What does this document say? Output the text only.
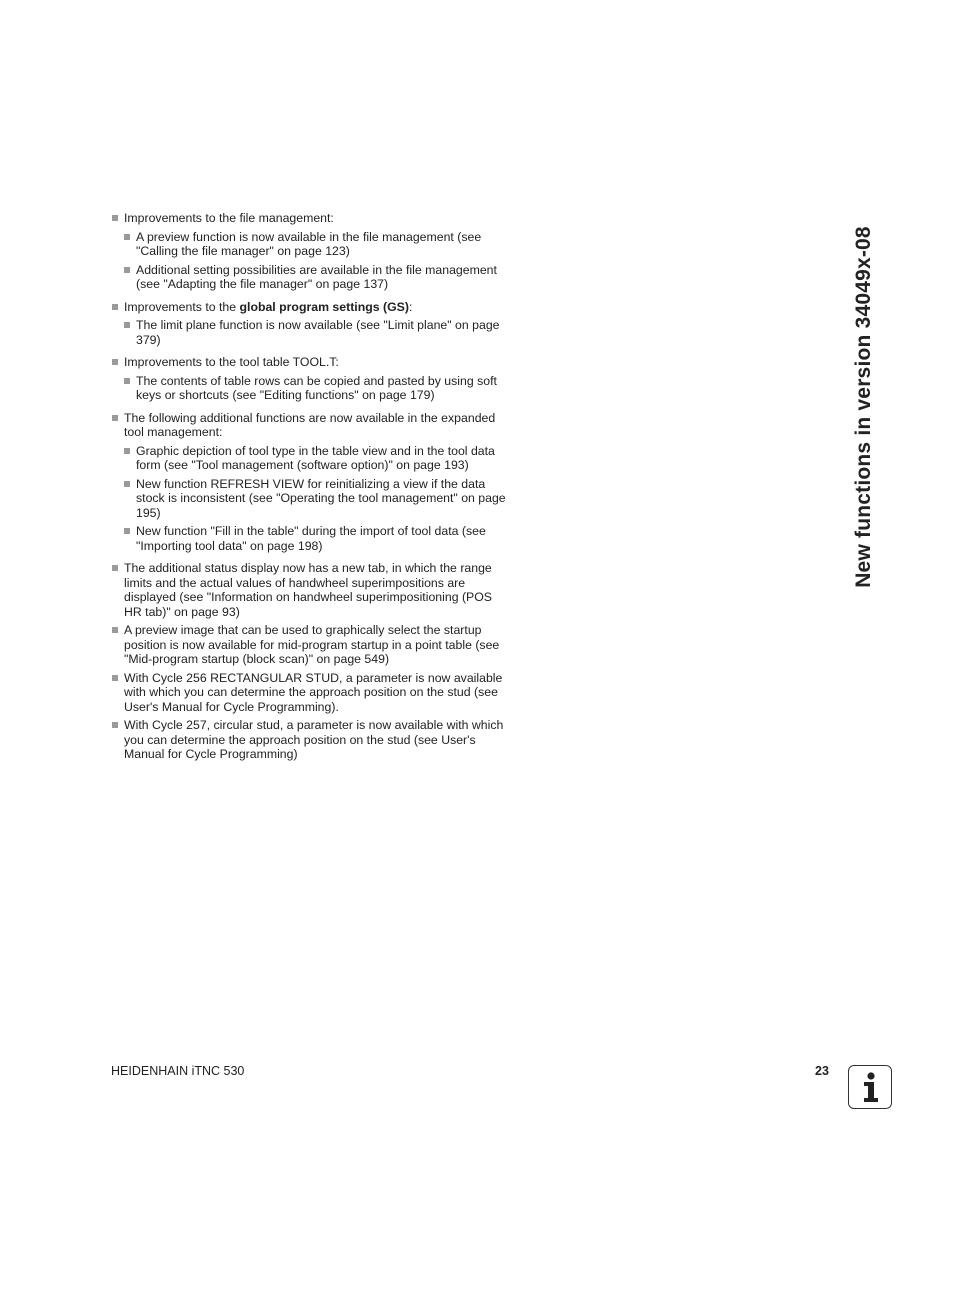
New functions in version 34049x-08
Improvements to the file management:
A preview function is now available in the file management (see "Calling the file manager" on page 123)
Additional setting possibilities are available in the file management (see "Adapting the file manager" on page 137)
Improvements to the global program settings (GS):
The limit plane function is now available (see "Limit plane" on page 379)
Improvements to the tool table TOOL.T:
The contents of table rows can be copied and pasted by using soft keys or shortcuts (see "Editing functions" on page 179)
The following additional functions are now available in the expanded tool management:
Graphic depiction of tool type in the table view and in the tool data form (see "Tool management (software option)" on page 193)
New function REFRESH VIEW for reinitializing a view if the data stock is inconsistent (see "Operating the tool management" on page 195)
New function "Fill in the table" during the import of tool data (see "Importing tool data" on page 198)
The additional status display now has a new tab, in which the range limits and the actual values of handwheel superimpositions are displayed (see "Information on handwheel superimpositioning (POS HR tab)" on page 93)
A preview image that can be used to graphically select the startup position is now available for mid-program startup in a point table (see "Mid-program startup (block scan)" on page 549)
With Cycle 256 RECTANGULAR STUD, a parameter is now available with which you can determine the approach position on the stud (see User's Manual for Cycle Programming).
With Cycle 257, circular stud, a parameter is now available with which you can determine the approach position on the stud (see User's Manual for Cycle Programming)
HEIDENHAIN iTNC 530	23
